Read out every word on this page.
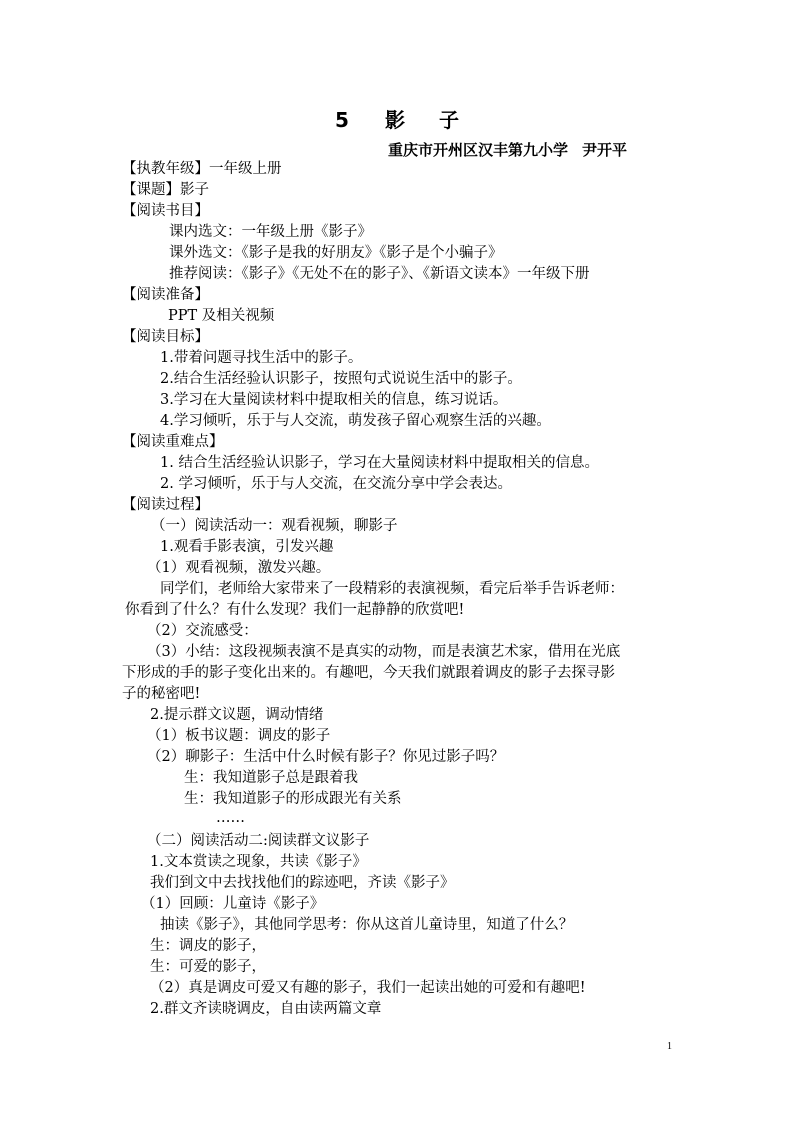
5 影 子
重庆市开州区汉丰第九小学 尹开平
【执教年级】一年级上册
【课题】影子
【阅读书目】
课内选文：一年级上册《影子》
课外选文：《影子是我的好朋友》《影子是个小骗子》
推荐阅读：《影子》《无处不在的影子》、《新语文读本》一年级下册
【阅读准备】
PPT 及相关视频
【阅读目标】
1.带着问题寻找生活中的影子。
2.结合生活经验认识影子，按照句式说说生活中的影子。
3.学习在大量阅读材料中提取相关的信息，练习说话。
4.学习倾听，乐于与人交流，萌发孩子留心观察生活的兴趣。
【阅读重难点】
1. 结合生活经验认识影子，学习在大量阅读材料中提取相关的信息。
2. 学习倾听，乐于与人交流，在交流分享中学会表达。
【阅读过程】
（一）阅读活动一：观看视频，聊影子
1.观看手影表演，引发兴趣
（1）观看视频，激发兴趣。
同学们，老师给大家带来了一段精彩的表演视频，看完后举手告诉老师：
你看到了什么？有什么发现？我们一起静静的欣赏吧!
（2）交流感受：
（3）小结：这段视频表演不是真实的动物，而是表演艺术家，借用在光底
下形成的手的影子变化出来的。有趣吧，今天我们就跟着调皮的影子去探寻影
子的秘密吧!
2.提示群文议题，调动情绪
（1）板书议题：调皮的影子
（2）聊影子：生活中什么时候有影子？你见过影子吗？
生：我知道影子总是跟着我
生：我知道影子的形成跟光有关系
……
（二）阅读活动二:阅读群文议影子
1.文本赏读之现象，共读《影子》
我们到文中去找找他们的踪迹吧，齐读《影子》
（1）回顾：儿童诗《影子》
抽读《影子》，其他同学思考：你从这首儿童诗里，知道了什么？
生：调皮的影子，
生：可爱的影子，
（2）真是调皮可爱又有趣的影子，我们一起读出她的可爱和有趣吧!
2.群文齐读晓调皮，自由读两篇文章
1
